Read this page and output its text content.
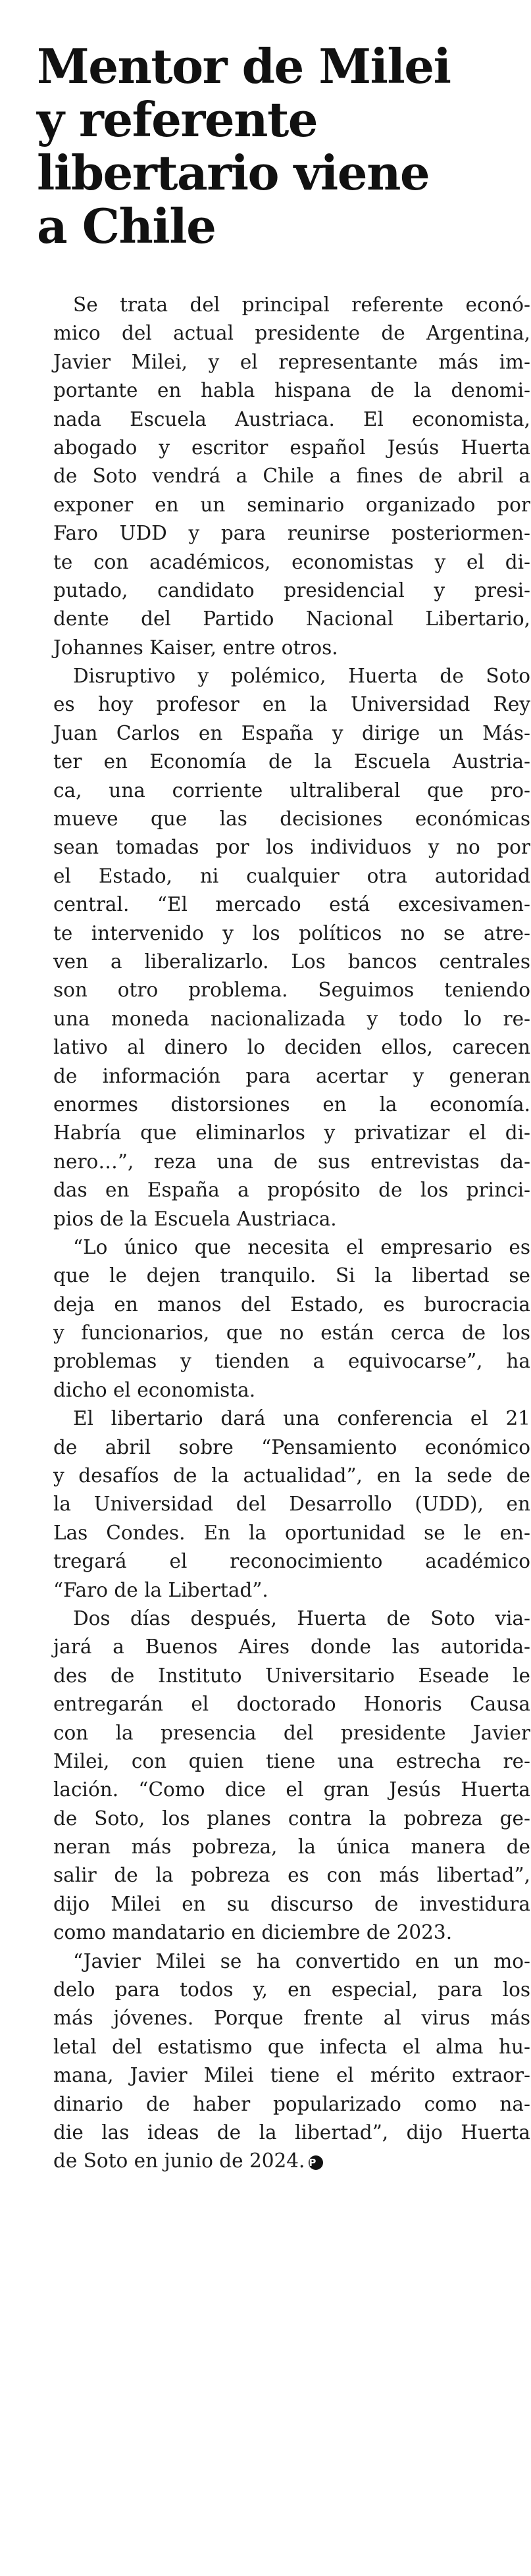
Mentor de Milei
y referente
libertario viene
a Chile

Se trata del principal referente econó-
mico del actual presidente de Argentina,
Javier Milei, y el representante más im-
portante en habla hispana de la denomi-
nada Escuela Austriaca. El economista,
abogado y escritor español Jesús Huerta
de Soto vendrá a Chile a fines de abril a
exponer en un seminario organizado por
Faro UDD y para reunirse posteriormen-
te con académicos, economistas y el di-
putado, candidato presidencial y presi-
dente del Partido Nacional Libertario,
Johannes Kaiser, entre otros.

Disruptivo y polémico, Huerta de Soto
es hoy profesor en la Universidad Rey
Juan Carlos en España y dirige un Más-
ter en Economía de la Escuela Austria-
ca, una corriente ultraliberal que pro-
mueve que las decisiones económicas
sean tomadas por los individuos y no por
el Estado, ni cualquier otra autoridad
central. “El mercado está excesivamen-
te intervenido y los políticos no se atre-
ven a liberalizarlo. Los bancos centrales
son otro problema. Seguimos teniendo
una moneda nacionalizada y todo lo re-
lativo al dinero lo deciden ellos, carecen
de información para acertar y generan
enormes distorsiones en la economía.
Habría que eliminarlos y privatizar el di-
nero…”, reza una de sus entrevistas da-
das en España a propósito de los princi-
pios de la Escuela Austriaca.

“Lo único que necesita el empresario es
que le dejen tranquilo. Si la libertad se
deja en manos del Estado, es burocracia
y funcionarios, que no están cerca de los
problemas y tienden a equivocarse”, ha
dicho el economista.

El libertario dará una conferencia el 21
de abril sobre “Pensamiento económico
y desafíos de la actualidad”, en la sede de
la Universidad del Desarrollo (UDD), en
Las Condes. En la oportunidad se le en-
tregará el reconocimiento académico
“Faro de la Libertad”.

Dos días después, Huerta de Soto via-
jará a Buenos Aires donde las autorida-
des de Instituto Universitario Eseade le
entregarán el doctorado Honoris Causa
con la presencia del presidente Javier
Milei, con quien tiene una estrecha re-
lación. “Como dice el gran Jesús Huerta
de Soto, los planes contra la pobreza ge-
neran más pobreza, la única manera de
salir de la pobreza es con más libertad”,
dijo Milei en su discurso de investidura
como mandatario en diciembre de 2023.

“Javier Milei se ha convertido en un mo-
delo para todos y, en especial, para los
más jóvenes. Porque frente al virus más
letal del estatismo que infecta el alma hu-
mana, Javier Milei tiene el mérito extraor-
dinario de haber popularizado como na-
die las ideas de la libertad”, dijo Huerta
de Soto en junio de 2024. P
